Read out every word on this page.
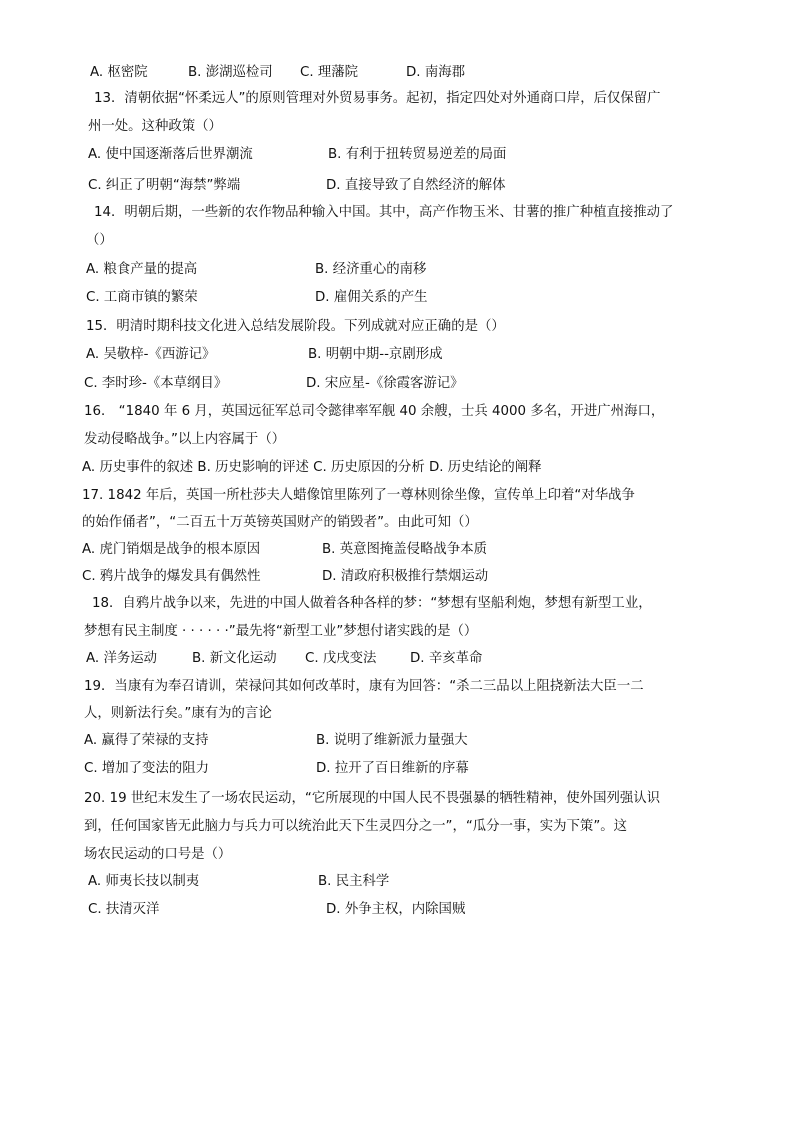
A. 枢密院	B. 澎湖巡检司 C. 理藩院	D. 南海郡
13．清朝依据“怀柔远人”的原则管理对外贸易事务。起初，指定四处对外通商口岸，后仅保留广
州一处。这种政策（）
A. 使中国逐渐落后世界潮流	B. 有利于扭转贸易逆差的局面
C. 纠正了明朝“海禁”弊端	D. 直接导致了自然经济的解体
14．明朝后期，一些新的农作物品种输入中国。其中，高产作物玉米、甘薯的推广种植直接推动了
（）
A. 粮食产量的提高	B. 经济重心的南移
C. 工商市镇的繁荣	D. 雇佣关系的产生
15．明清时期科技文化进入总结发展阶段。下列成就对应正确的是（）
A. 吴敬梓-《西游记》	B. 明朝中期--京剧形成
C. 李时珍-《本草纲目》	D. 宋应星-《徐霞客游记》
16． “1840 年 6 月，英国远征军总司令懿律率军舰 40 余艘，士兵 4000 多名，开进广州海口，
发动侵略战争。”以上内容属于（）
A. 历史事件的叙述 B. 历史影响的评述 C. 历史原因的分析 D. 历史结论的阐释
17. 1842 年后，英国一所杜莎夫人蜡像馆里陈列了一尊林则徐坐像，宣传单上印着“对华战争
的始作俑者”，“二百五十万英镑英国财产的销毁者”。由此可知（）
A. 虎门销烟是战争的根本原因	B. 英意图掩盖侵略战争本质
C. 鸦片战争的爆发具有偶然性	D. 清政府积极推行禁烟运动
18．自鸦片战争以来，先进的中国人做着各种各样的梦：“梦想有坚船利炮，梦想有新型工业，
梦想有民主制度 · · · · · ·”最先将“新型工业”梦想付诸实践的是（）
A. 洋务运动	B. 新文化运动 C. 戊戌变法	D. 辛亥革命
19．当康有为奉召请训，荣禄问其如何改革时，康有为回答：“杀二三品以上阻挠新法大臣一二
人，则新法行矣。”康有为的言论
A. 赢得了荣禄的支持	B. 说明了维新派力量强大
C. 增加了变法的阻力	D. 拉开了百日维新的序幕
20. 19 世纪末发生了一场农民运动，“它所展现的中国人民不畏强暴的牺牲精神，使外国列强认识
到，任何国家皆无此脑力与兵力可以统治此天下生灵四分之一”，“瓜分一事，实为下策”。这
场农民运动的口号是（）
A. 师夷长技以制夷	B. 民主科学
C. 扶清灭洋	D. 外争主权，内除国贼
